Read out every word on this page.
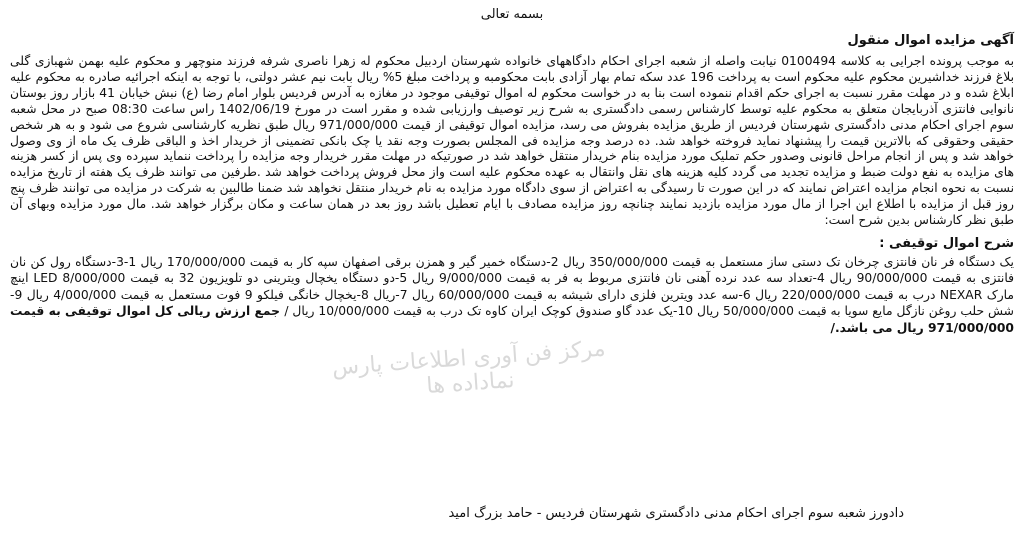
بسمه تعالی

آگهی مزایده اموال منقول

به موجب پرونده اجرایی به کلاسه 0100494 نیابت واصله از شعبه اجرای احکام دادگاههای خانواده شهرستان اردبیل محکوم له زهرا ناصری شرفه فرزند منوچهر و محکوم علیه بهمن شهبازی گلی بلاغ فرزند خداشیرین محکوم علیه محکوم است به پرداخت 196 عدد سکه تمام بهار آزادی بابت محکومبه و پرداخت مبلغ 5% ریال بابت نیم عشر دولتی، با توجه به اینکه اجرائیه صادره به محکوم علیه ابلاغ شده و در مهلت مقرر نسبت به اجرای حکم اقدام ننموده است بنا به در خواست محکوم له اموال توقیفی موجود در مغازه به آدرس فردیس بلوار امام رضا (ع) نبش خیابان 41 بازار روز بوستان نانوایی فانتزی آذربایجان متعلق به محکوم علیه توسط کارشناس رسمی دادگستری به شرح زیر توصیف وارزیابی شده و مقرر است در مورخ 1402/06/19 راس ساعت 08:30 صبح در محل شعبه سوم اجرای احکام مدنی دادگستری شهرستان فردیس از طریق مزایده بفروش می رسد، مزایده اموال توقیفی از قیمت 971/000/000 ریال طبق نظریه کارشناسی شروع می شود و به هر شخص حقیقی وحقوقی که بالاترین قیمت را پیشنهاد نماید فروخته خواهد شد. ده درصد وجه مزایده فی المجلس بصورت وجه نقد یا چک بانکی تضمینی از خریدار اخذ و الباقی ظرف یک ماه از وی وصول خواهد شد و پس از انجام مراحل قانونی وصدور حکم تملیک مورد مزایده بنام خریدار منتقل خواهد شد در صورتیکه در مهلت مقرر خریدار وجه مزایده را پرداخت ننماید سپرده وی پس از کسر هزینه های مزایده به نفع دولت ضبط و مزایده تجدید می گردد کلیه هزینه های نقل وانتقال به عهده محکوم علیه است واز محل فروش پرداخت خواهد شد .طرفین می توانند ظرف یک هفته از تاریخ مزایده نسبت به نحوه انجام مزایده اعتراض نمایند که در این صورت تا رسیدگی به اعتراض از سوی دادگاه مورد مزایده به نام خریدار منتقل نخواهد شد ضمنا طالبین به شرکت در مزایده می توانند ظرف پنج روز قبل از مزایده با اطلاع این اجرا از مال مورد مزایده بازدید نمایند چنانچه روز مزایده مصادف با ایام تعطیل باشد روز بعد در همان ساعت و مکان برگزار خواهد شد. مال مورد مزایده وبهای آن طبق نظر کارشناس بدین شرح است:

مرکز فن آوری اطلاعات پارس نماداده ها

شرح اموال توقیفی :

یک دستگاه فر نان فانتزی چرخان تک دستی ساز مستعمل به قیمت 350/000/000 ریال 2-دستگاه خمیر گیر و همزن برقی اصفهان سپه کار به قیمت 170/000/000 ریال 1-3-دستگاه رول کن نان فانتزی به قیمت 90/000/000 ریال 4-تعداد سه عدد نرده آهنی نان فانتزی مربوط به فر به قیمت 9/000/000 ریال 5-دو دستگاه یخچال ویترینی دو تلویزیون 32 به قیمت 8/000/000 LED اینچ مارک NEXAR درب به قیمت 220/000/000 ریال 6-سه عدد ویترین فلزی دارای شیشه به قیمت 60/000/000 ریال 7-ریال 8-یخچال خانگی فیلکو 9 فوت مستعمل به قیمت 4/000/000 ریال 9-شش حلب روغن نازگل مایع سویا به قیمت 50/000/000 ریال 10-یک عدد گاو صندوق کوچک ایران کاوه تک درب به قیمت 10/000/000 ریال / جمع ارزش ریالی کل اموال توقیفی به قیمت 971/000/000 ریال می باشد./

دادورز شعبه سوم اجرای احکام مدنی دادگستری شهرستان فردیس - حامد بزرگ امید
